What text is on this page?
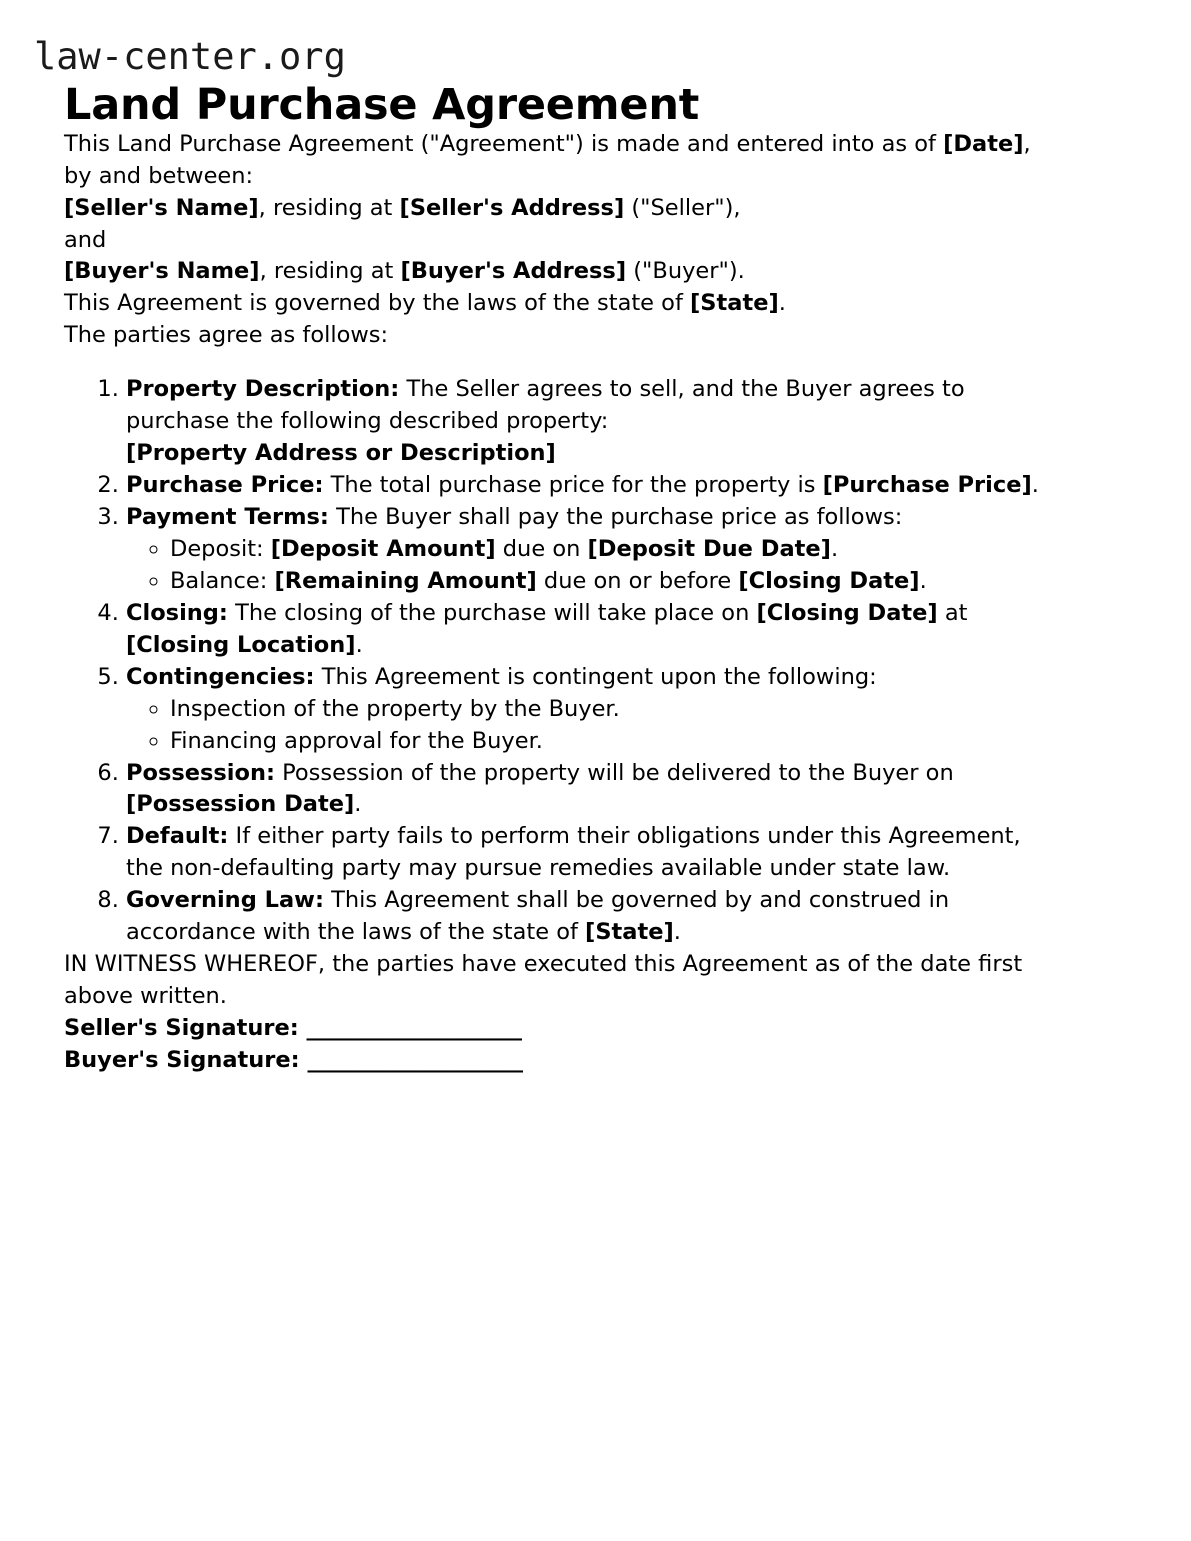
law-center.org
Land Purchase Agreement

This Land Purchase Agreement ("Agreement") is made and entered into as of [Date], by and between:

[Seller's Name], residing at [Seller's Address] ("Seller"),

and

[Buyer's Name], residing at [Buyer's Address] ("Buyer").

This Agreement is governed by the laws of the state of [State].

The parties agree as follows:

1. Property Description: The Seller agrees to sell, and the Buyer agrees to purchase the following described property:

[Property Address or Description]

2. Purchase Price: The total purchase price for the property is [Purchase Price].
3. Payment Terms: The Buyer shall pay the purchase price as follows:
◦ Deposit: [Deposit Amount] due on [Deposit Due Date].
◦ Balance: [Remaining Amount] due on or before [Closing Date].
4. Closing: The closing of the purchase will take place on [Closing Date] at [Closing Location].
5. Contingencies: This Agreement is contingent upon the following:
◦ Inspection of the property by the Buyer.
◦ Financing approval for the Buyer.
6. Possession: Possession of the property will be delivered to the Buyer on [Possession Date].
7. Default: If either party fails to perform their obligations under this Agreement, the non-defaulting party may pursue remedies available under state law.
8. Governing Law: This Agreement shall be governed by and construed in accordance with the laws of the state of [State].

IN WITNESS WHEREOF, the parties have executed this Agreement as of the date first above written.

Seller's Signature: ____________________

Buyer's Signature: ____________________
